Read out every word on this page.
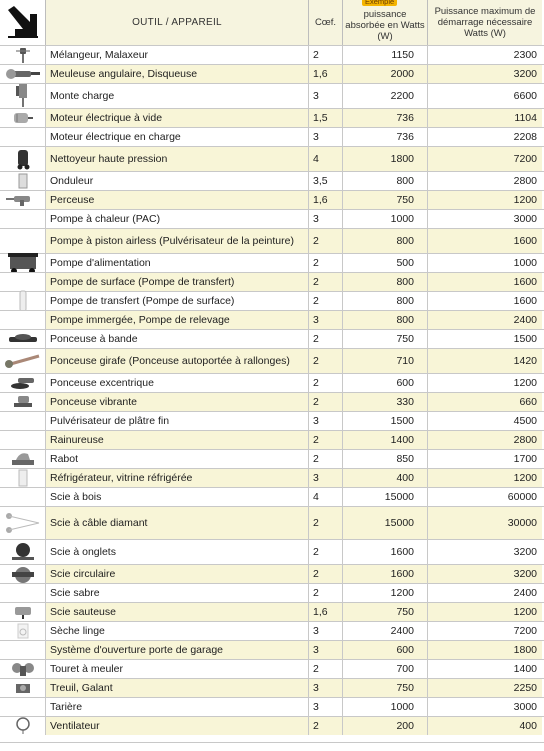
OUTIL / APPAREIL	Cœf.
puissance absorbée en Watts (W)
Puissance maximum de démarrage nécessaire Watts (W)
Exemple
Mélangeur, Malaxeur	2	1150	2300
Meuleuse angulaire, Disqueuse	1,6	2000	3200
Monte charge	3	2200	6600
Moteur électrique à vide	1,5	736	1104
Moteur électrique en charge	3	736	2208
Nettoyeur haute pression	4	1800	7200
Onduleur	3,5	800	2800
Perceuse	1,6	750	1200
Pompe à chaleur (PAC)	3	1000	3000
Pompe à piston airless (Pulvérisateur de la peinture)	2	800	1600
Pompe d'alimentation	2	500	1000
Pompe de surface (Pompe de transfert)	2	800	1600
Pompe de transfert (Pompe de surface)	2	800	1600
Pompe immergée, Pompe de relevage	3	800	2400
Ponceuse à bande	2	750	1500
Ponceuse girafe (Ponceuse autoportée à rallonges)	2	710	1420
Ponceuse excentrique	2	600	1200
Ponceuse vibrante	2	330	660
Pulvérisateur de plâtre fin	3	1500	4500
Rainureuse	2	1400	2800
Rabot	2	850	1700
Réfrigérateur, vitrine réfrigérée	3	400	1200
Scie à bois	4	15000	60000
Scie à câble diamant	2	15000	30000
Scie à onglets	2	1600	3200
Scie circulaire	2	1600	3200
Scie sabre	2	1200	2400
Scie sauteuse	1,6	750	1200
Sèche linge	3	2400	7200
Système d'ouverture porte de garage	3	600	1800
Touret à meuler	2	700	1400
Treuil, Galant	3	750	2250
Tarière	3	1000	3000
Ventilateur	2	200	400
